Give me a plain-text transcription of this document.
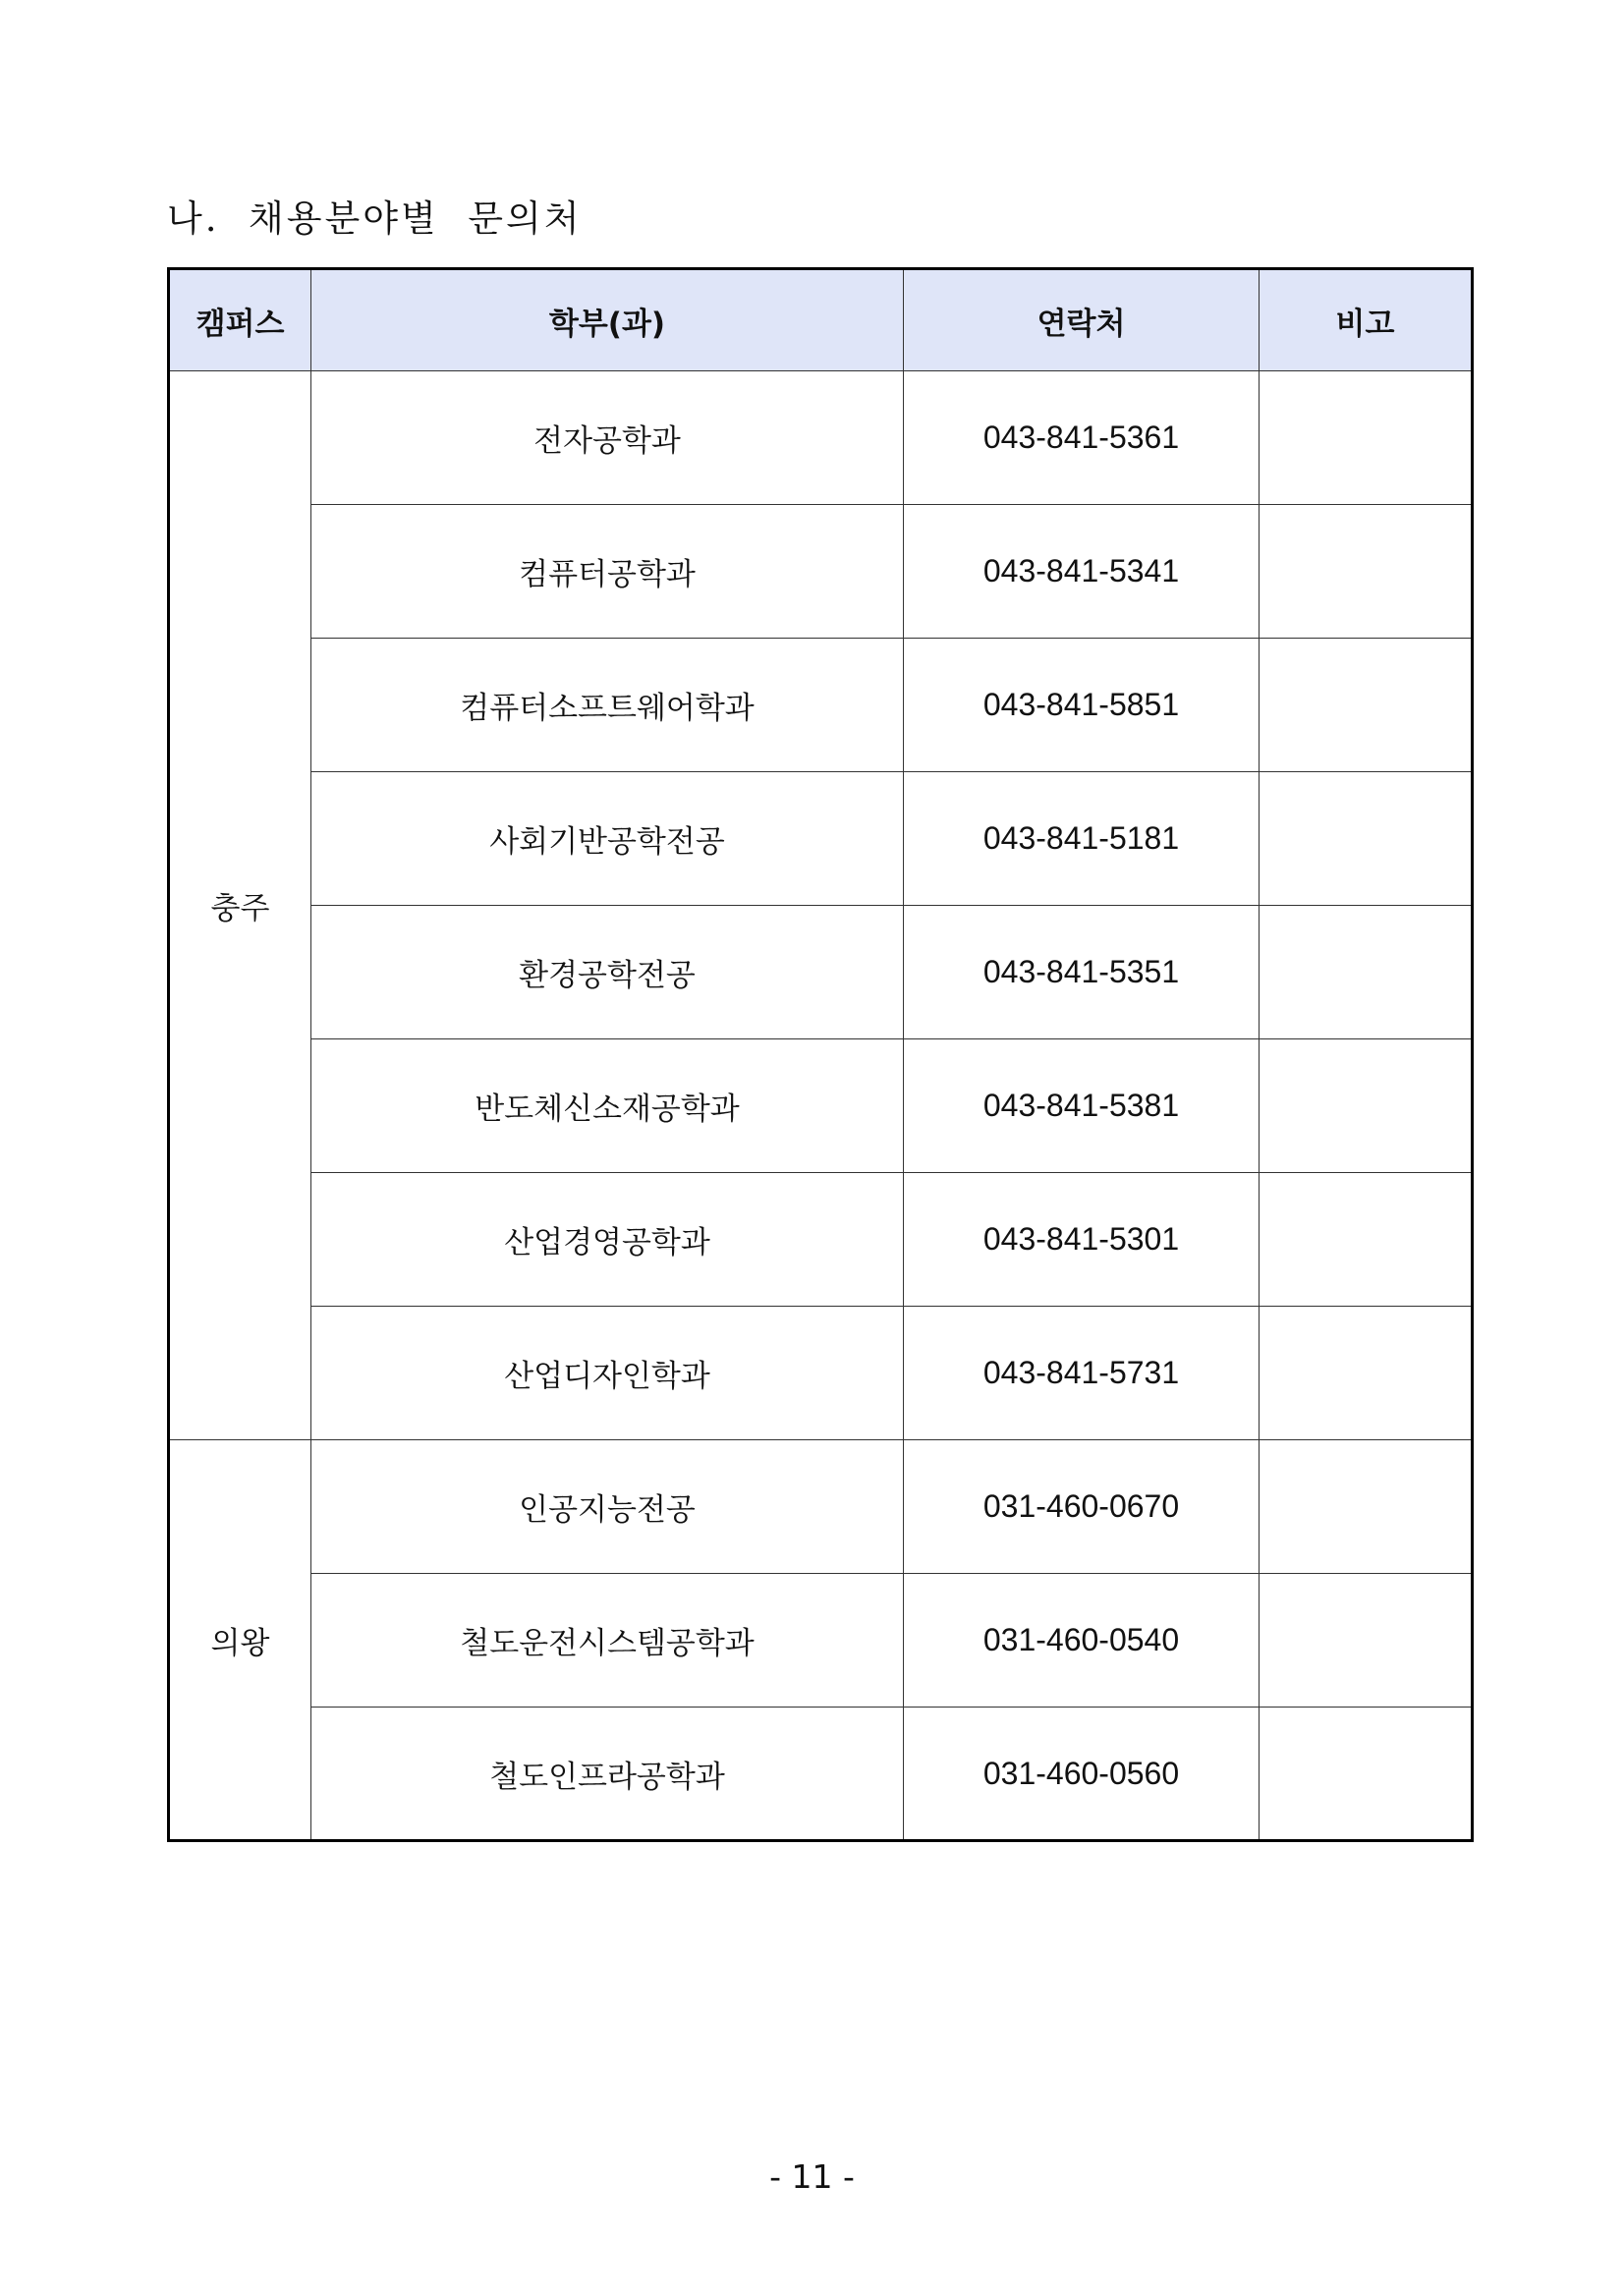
나.  채용분야별  문의처
캠퍼스	학부(과)	연락처	비고
충주	전자공학과	043-841-5361	
	컴퓨터공학과	043-841-5341	
	컴퓨터소프트웨어학과	043-841-5851	
	사회기반공학전공	043-841-5181	
	환경공학전공	043-841-5351	
	반도체신소재공학과	043-841-5381	
	산업경영공학과	043-841-5301	
	산업디자인학과	043-841-5731	
의왕	인공지능전공	031-460-0670	
	철도운전시스템공학과	031-460-0540	
	철도인프라공학과	031-460-0560	
- 11 -
